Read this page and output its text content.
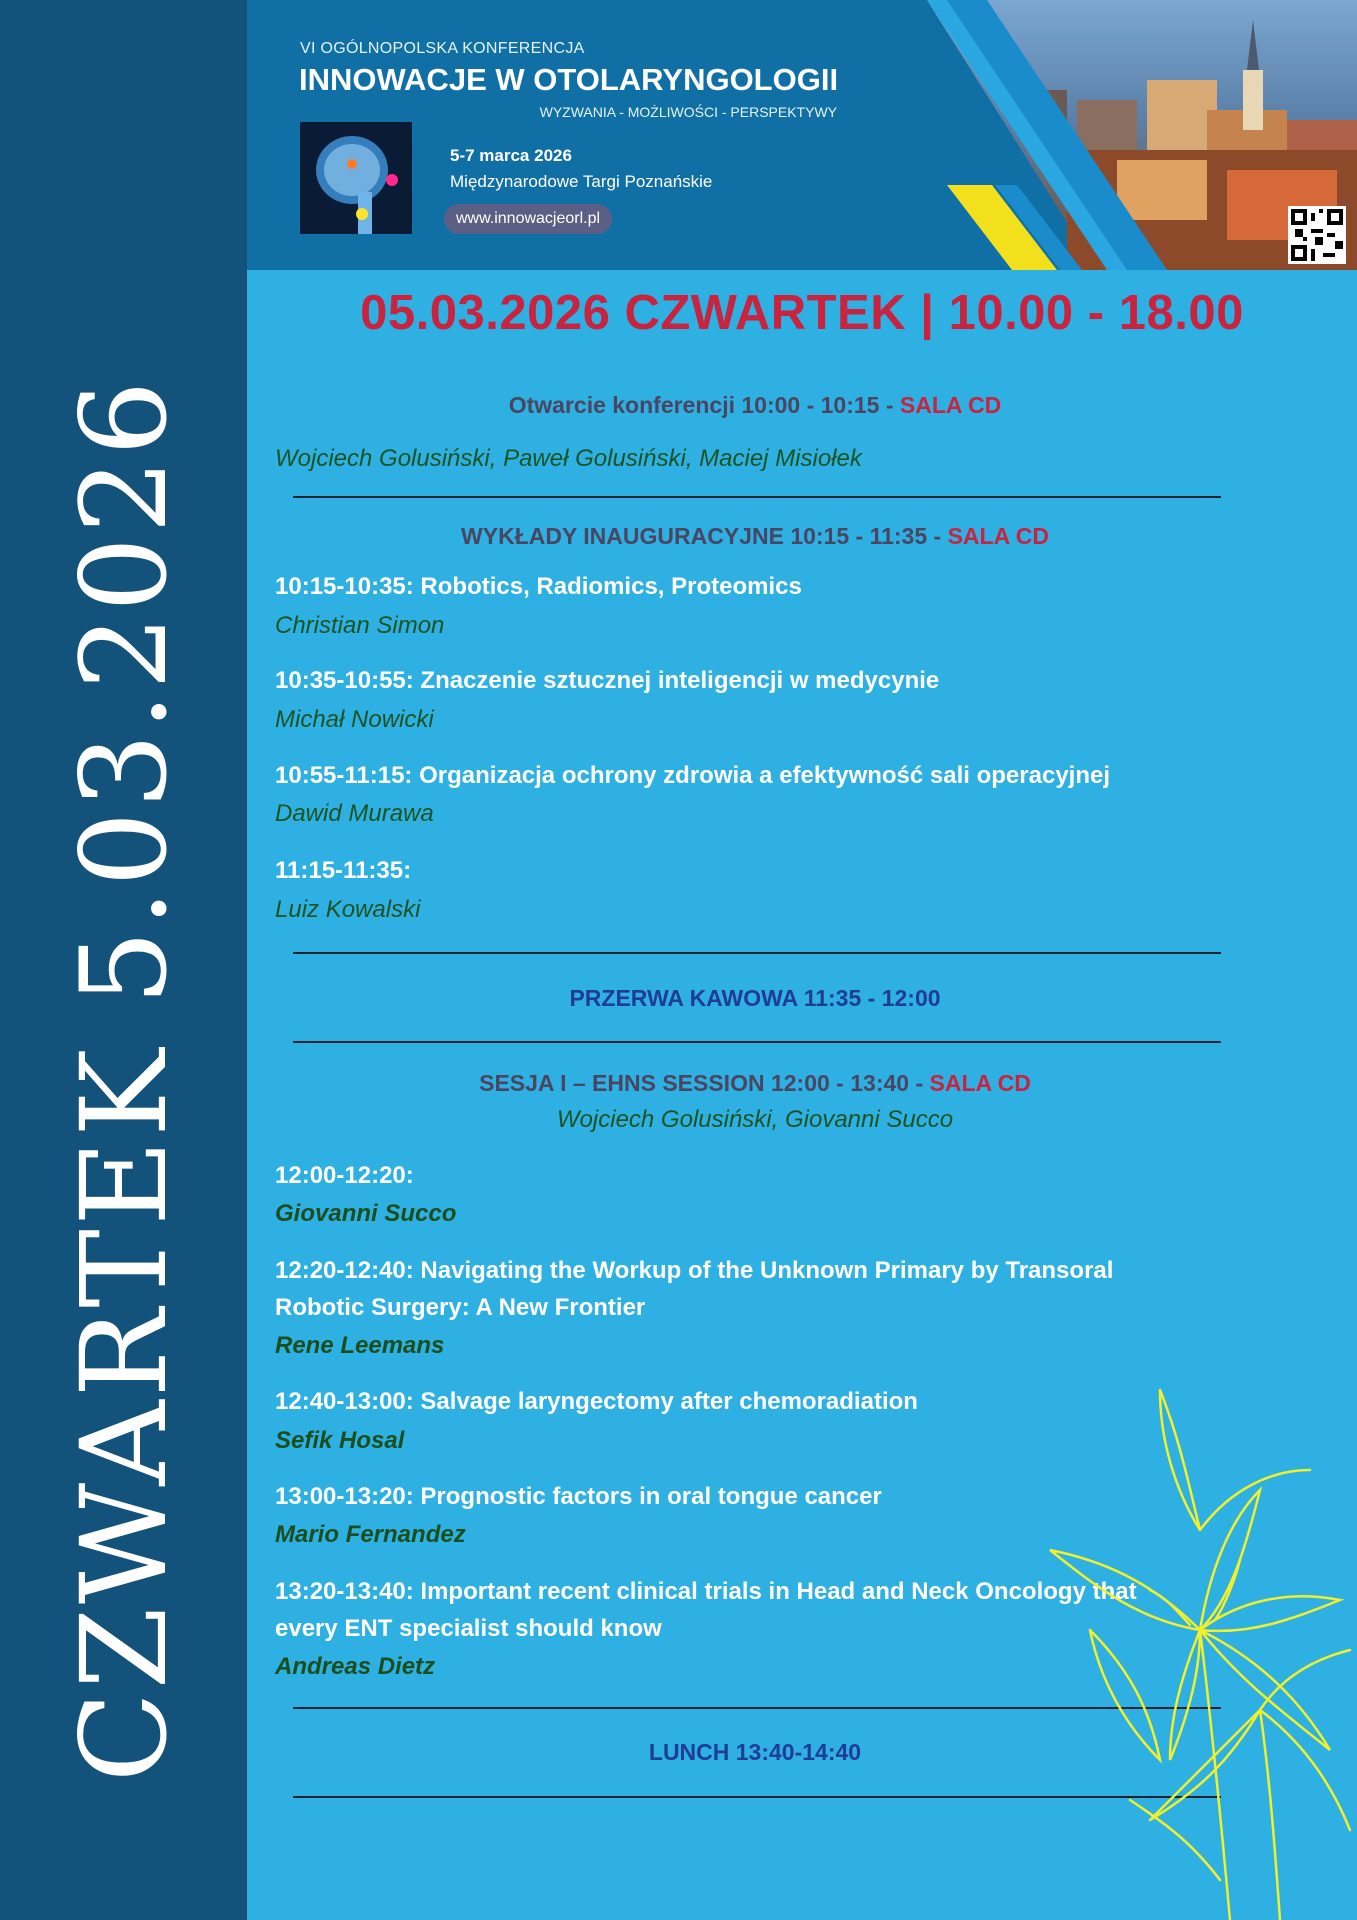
CZWARTEK 5.03.2026
VI OGÓLNOPOLSKA KONFERENCJA
INNOWACJE W OTOLARYNGOLOGII
WYZWANIA - MOŻLIWOŚCI - PERSPEKTYWY
5-7 marca 2026
Międzynarodowe Targi Poznańskie
www.innowacjeorl.pl
05.03.2026 CZWARTEK | 10.00 - 18.00
Otwarcie konferencji 10:00 - 10:15 - SALA CD
Wojciech Golusiński, Paweł Golusiński, Maciej Misiołek
WYKŁADY INAUGURACYJNE 10:15 - 11:35 - SALA CD
10:15-10:35: Robotics, Radiomics, Proteomics
Christian Simon
10:35-10:55: Znaczenie sztucznej inteligencji w medycynie
Michał Nowicki
10:55-11:15: Organizacja ochrony zdrowia a efektywność sali operacyjnej
Dawid Murawa
11:15-11:35:
Luiz Kowalski
PRZERWA KAWOWA 11:35 - 12:00
SESJA I – EHNS SESSION 12:00 - 13:40 - SALA CD
Wojciech Golusiński, Giovanni Succo
12:00-12:20:
Giovanni Succo
12:20-12:40: Navigating the Workup of the Unknown Primary by Transoral
Robotic Surgery: A New Frontier
Rene Leemans
12:40-13:00: Salvage laryngectomy after chemoradiation
Sefik Hosal
13:00-13:20: Prognostic factors in oral tongue cancer
Mario Fernandez
13:20-13:40: Important recent clinical trials in Head and Neck Oncology that
every ENT specialist should know
Andreas Dietz
LUNCH 13:40-14:40
